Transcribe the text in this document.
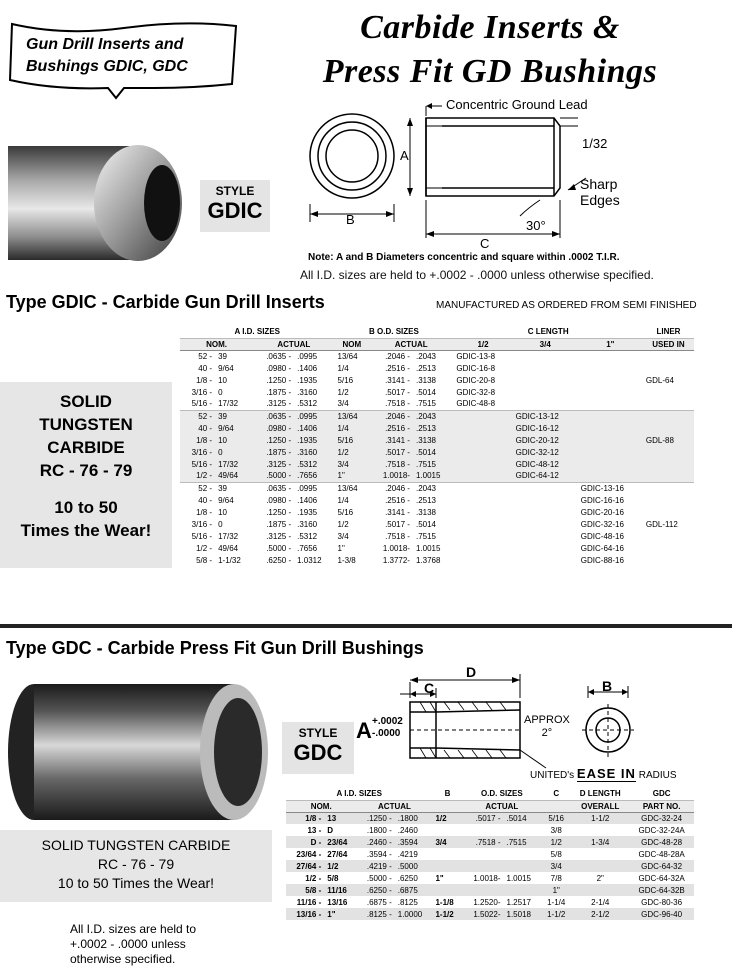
Gun Drill Inserts and
Bushings GDIC, GDC
Carbide Inserts &
Press Fit GD Bushings
STYLE
GDIC
Concentric Ground Lead
A
B
C
1/32
Sharp
Edges
30°
Note: A and B Diameters concentric and square within .0002 T.I.R.
All I.D. sizes are held to +.0002 - .0000 unless otherwise specified.
Type GDIC - Carbide Gun Drill Inserts	MANUFACTURED AS ORDERED FROM SEMI FINISHED
SOLID
TUNGSTEN
CARBIDE
RC - 76 - 79
10 to 50
Times the Wear!
A I.D. SIZES				B O.D. SIZES			C LENGTH			LINER
NOM.		ACTUAL		NOM	ACTUAL		1/2	3/4	1"	USED IN
52 -	39	.0635 -	.0995	13/64	.2046 -	.2043	GDIC-13-8			
40 -	9/64	.0980 -	.1406	1/4	.2516 -	.2513	GDIC-16-8			
1/8 -	10	.1250 -	.1935	5/16	.3141 -	.3138	GDIC-20-8			GDL-64
3/16 -	0	.1875 -	.3160	1/2	.5017 -	.5014	GDIC-32-8			
5/16 -	17/32	.3125 -	.5312	3/4	.7518 -	.7515	GDIC-48-8			
52 -	39	.0635 -	.0995	13/64	.2046 -	.2043		GDIC-13-12		
40 -	9/64	.0980 -	.1406	1/4	.2516 -	.2513		GDIC-16-12		
1/8 -	10	.1250 -	.1935	5/16	.3141 -	.3138		GDIC-20-12		GDL-88
3/16 -	0	.1875 -	.3160	1/2	.5017 -	.5014		GDIC-32-12		
5/16 -	17/32	.3125 -	.5312	3/4	.7518 -	.7515		GDIC-48-12		
1/2 -	49/64	.5000 -	.7656	1"	1.0018-	1.0015		GDIC-64-12		
52 -	39	.0635 -	.0995	13/64	.2046 -	.2043			GDIC-13-16	
40 -	9/64	.0980 -	.1406	1/4	.2516 -	.2513			GDIC-16-16	
1/8 -	10	.1250 -	.1935	5/16	.3141 -	.3138			GDIC-20-16	
3/16 -	0	.1875 -	.3160	1/2	.5017 -	.5014			GDIC-32-16	GDL-112
5/16 -	17/32	.3125 -	.5312	3/4	.7518 -	.7515			GDIC-48-16	
1/2 -	49/64	.5000 -	.7656	1"	1.0018-	1.0015			GDIC-64-16	
5/8 -	1-1/32	.6250 -	1.0312	1-3/8	1.3772-	1.3768			GDIC-88-16	
Type GDC - Carbide Press Fit Gun Drill Bushings
STYLE
GDC
C
D
A +.0002
-.0000
APPROX
2°
B
UNITED's EASE IN RADIUS
SOLID TUNGSTEN CARBIDE
RC - 76 - 79
10 to 50 Times the Wear!
All I.D. sizes are held to
+.0002 - .0000 unless
otherwise specified.
A I.D. SIZES				B	O.D. SIZES		C	D LENGTH	GDC
NOM.		ACTUAL			ACTUAL			OVERALL	PART NO.
1/8 -	13	.1250 -	.1800	1/2	.5017 -	.5014	5/16	1-1/2	GDC-32-24
13 -	D	.1800 -	.2460				3/8		GDC-32-24A
D -	23/64	.2460 -	.3594	3/4	.7518 -	.7515	1/2	1-3/4	GDC-48-28
23/64 -	27/64	.3594 -	.4219				5/8		GDC-48-28A
27/64 -	1/2	.4219 -	.5000				3/4		GDC-64-32
1/2 -	5/8	.5000 -	.6250	1"	1.0018-	1.0015	7/8	2"	GDC-64-32A
5/8 -	11/16	.6250 -	.6875				1"		GDC-64-32B
11/16 -	13/16	.6875 -	.8125	1-1/8	1.2520-	1.2517	1-1/4	2-1/4	GDC-80-36
13/16 -	1"	.8125 -	1.0000	1-1/2	1.5022-	1.5018	1-1/2	2-1/2	GDC-96-40
